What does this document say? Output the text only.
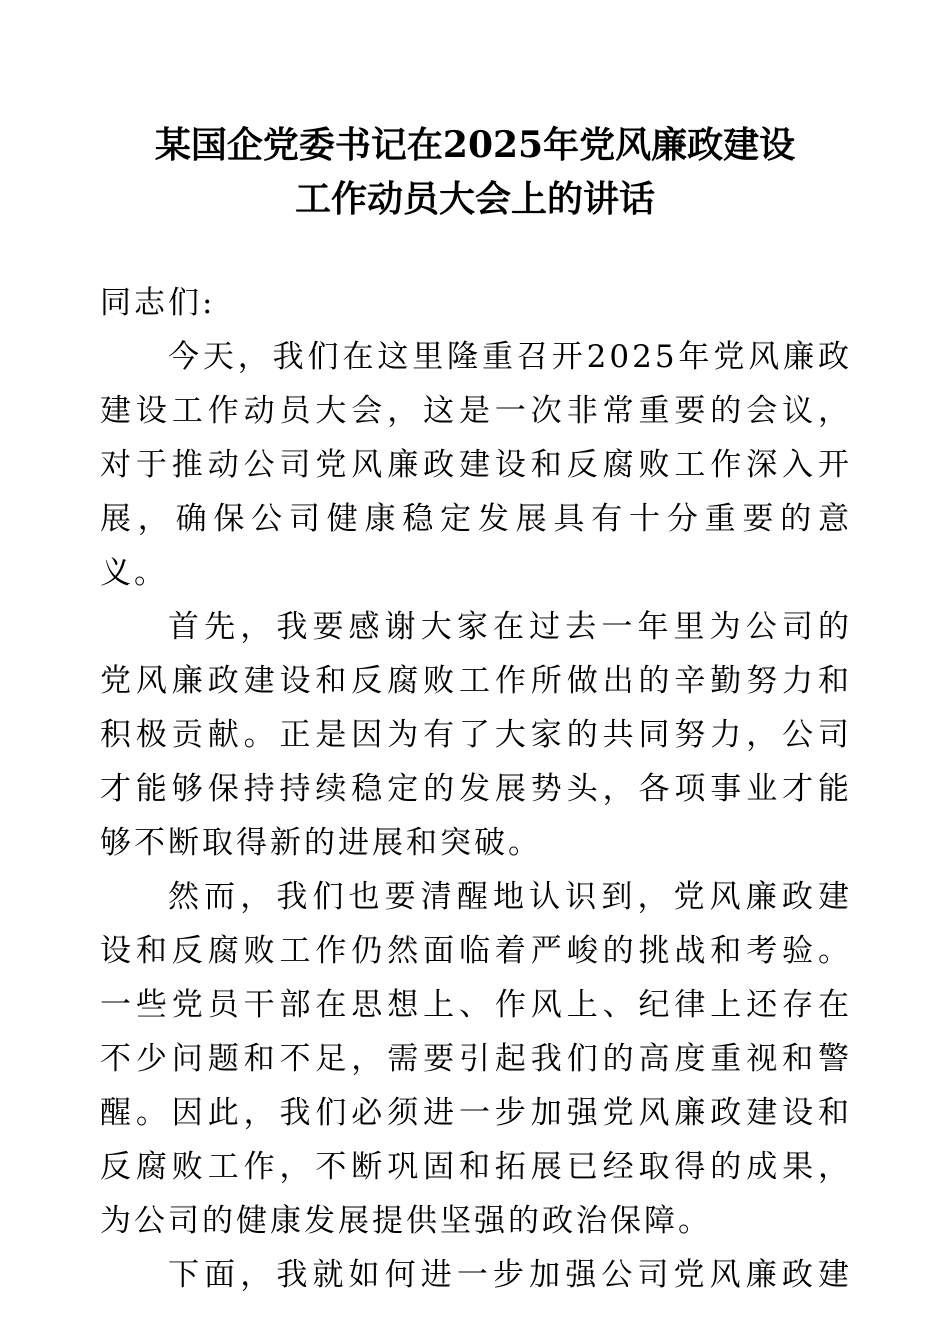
某国企党委书记在2025年党风廉政建设
工作动员大会上的讲话
同志们:
今天，我们在这里隆重召开2025年党风廉政
建设工作动员大会，这是一次非常重要的会议，
对于推动公司党风廉政建设和反腐败工作深入开
展，确保公司健康稳定发展具有十分重要的意
义。
首先，我要感谢大家在过去一年里为公司的
党风廉政建设和反腐败工作所做出的辛勤努力和
积极贡献。正是因为有了大家的共同努力，公司
才能够保持持续稳定的发展势头，各项事业才能
够不断取得新的进展和突破。
然而，我们也要清醒地认识到，党风廉政建
设和反腐败工作仍然面临着严峻的挑战和考验。
一些党员干部在思想上、作风上、纪律上还存在
不少问题和不足，需要引起我们的高度重视和警
醒。因此，我们必须进一步加强党风廉政建设和
反腐败工作，不断巩固和拓展已经取得的成果，
为公司的健康发展提供坚强的政治保障。
下面，我就如何进一步加强公司党风廉政建
